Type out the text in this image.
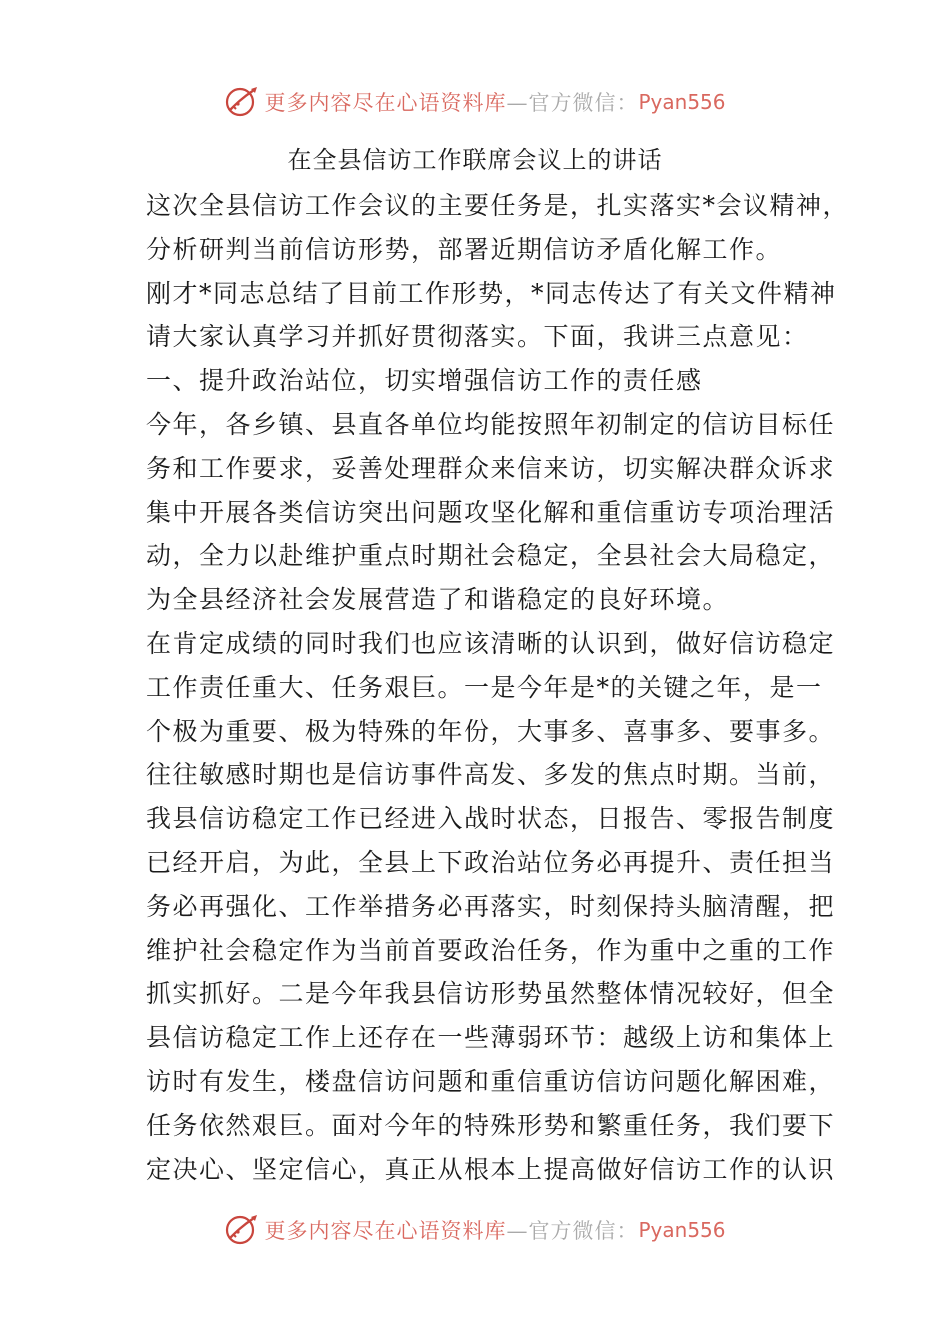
更多内容尽在心语资料库 —官方微信： Pyan556
在全县信访工作联席会议上的讲话
这次全县信访工作会议的主要任务是，扎实落实*会议精神，
分析研判当前信访形势，部署近期信访矛盾化解工作。
刚才*同志总结了目前工作形势，*同志传达了有关文件精神
请大家认真学习并抓好贯彻落实。下面，我讲三点意见：
一、提升政治站位，切实增强信访工作的责任感
今年，各乡镇、县直各单位均能按照年初制定的信访目标任
务和工作要求，妥善处理群众来信来访，切实解决群众诉求
集中开展各类信访突出问题攻坚化解和重信重访专项治理活
动，全力以赴维护重点时期社会稳定，全县社会大局稳定，
为全县经济社会发展营造了和谐稳定的良好环境。
在肯定成绩的同时我们也应该清晰的认识到，做好信访稳定
工作责任重大、任务艰巨。一是今年是*的关键之年，是一
个极为重要、极为特殊的年份，大事多、喜事多、要事多。
往往敏感时期也是信访事件高发、多发的焦点时期。当前，
我县信访稳定工作已经进入战时状态，日报告、零报告制度
已经开启，为此，全县上下政治站位务必再提升、责任担当
务必再强化、工作举措务必再落实，时刻保持头脑清醒，把
维护社会稳定作为当前首要政治任务，作为重中之重的工作
抓实抓好。二是今年我县信访形势虽然整体情况较好，但全
县信访稳定工作上还存在一些薄弱环节：越级上访和集体上
访时有发生，楼盘信访问题和重信重访信访问题化解困难，
任务依然艰巨。面对今年的特殊形势和繁重任务，我们要下
定决心、坚定信心，真正从根本上提高做好信访工作的认识
更多内容尽在心语资料库 —官方微信： Pyan556
